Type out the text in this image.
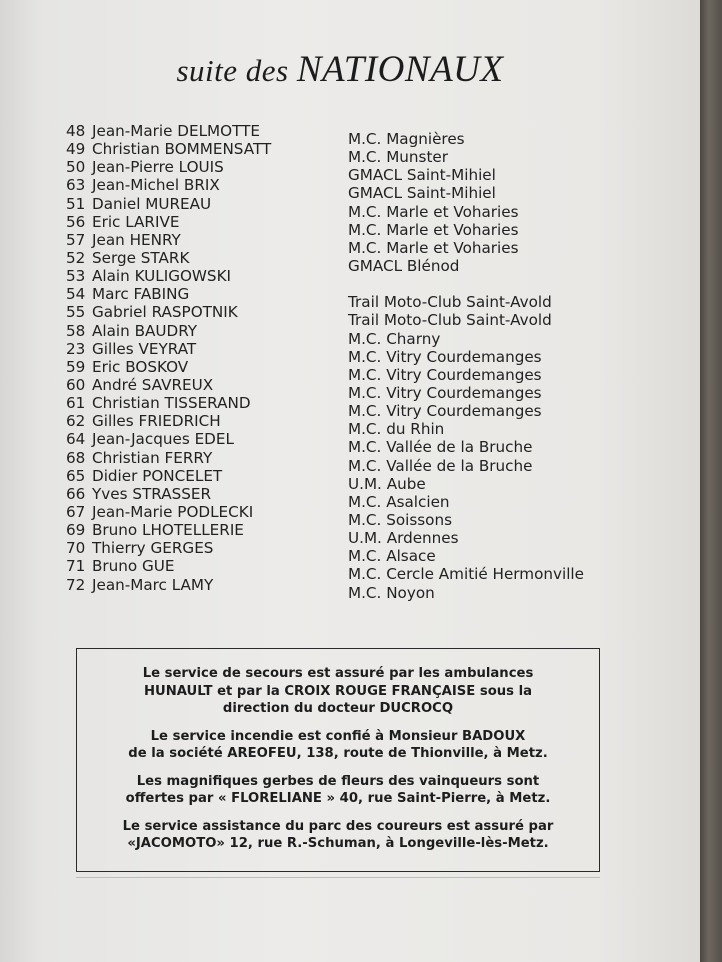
suite des NATIONAUX
48 Jean-Marie DELMOTTE	M.C. Magnières
49 Christian BOMMENSATT	M.C. Munster
50 Jean-Pierre LOUIS	GMACL Saint-Mihiel
63 Jean-Michel BRIX	GMACL Saint-Mihiel
51 Daniel MUREAU	M.C. Marle et Voharies
56 Eric LARIVE	M.C. Marle et Voharies
57 Jean HENRY	M.C. Marle et Voharies
52 Serge STARK	GMACL Blénod
53 Alain KULIGOWSKI
54 Marc FABING	Trail Moto-Club Saint-Avold
55 Gabriel RASPOTNIK	Trail Moto-Club Saint-Avold
58 Alain BAUDRY	M.C. Charny
23 Gilles VEYRAT	M.C. Vitry Courdemanges
59 Eric BOSKOV	M.C. Vitry Courdemanges
60 André SAVREUX	M.C. Vitry Courdemanges
61 Christian TISSERAND	M.C. Vitry Courdemanges
62 Gilles FRIEDRICH	M.C. du Rhin
64 Jean-Jacques EDEL	M.C. Vallée de la Bruche
68 Christian FERRY	M.C. Vallée de la Bruche
65 Didier PONCELET	U.M. Aube
66 Yves STRASSER	M.C. Asalcien
67 Jean-Marie PODLECKI	M.C. Soissons
69 Bruno LHOTELLERIE	U.M. Ardennes
70 Thierry GERGES	M.C. Alsace
71 Bruno GUE	M.C. Cercle Amitié Hermonville
72 Jean-Marc LAMY	M.C. Noyon
Le service de secours est assuré par les ambulances
HUNAULT et par la CROIX ROUGE FRANÇAISE sous la
direction du docteur DUCROCQ
Le service incendie est confié à Monsieur BADOUX
de la société AREOFEU, 138, route de Thionville, à Metz.
Les magnifiques gerbes de fleurs des vainqueurs sont
offertes par « FLORELIANE » 40, rue Saint-Pierre, à Metz.
Le service assistance du parc des coureurs est assuré par
«JACOMOTO» 12, rue R.-Schuman, à Longeville-lès-Metz.
